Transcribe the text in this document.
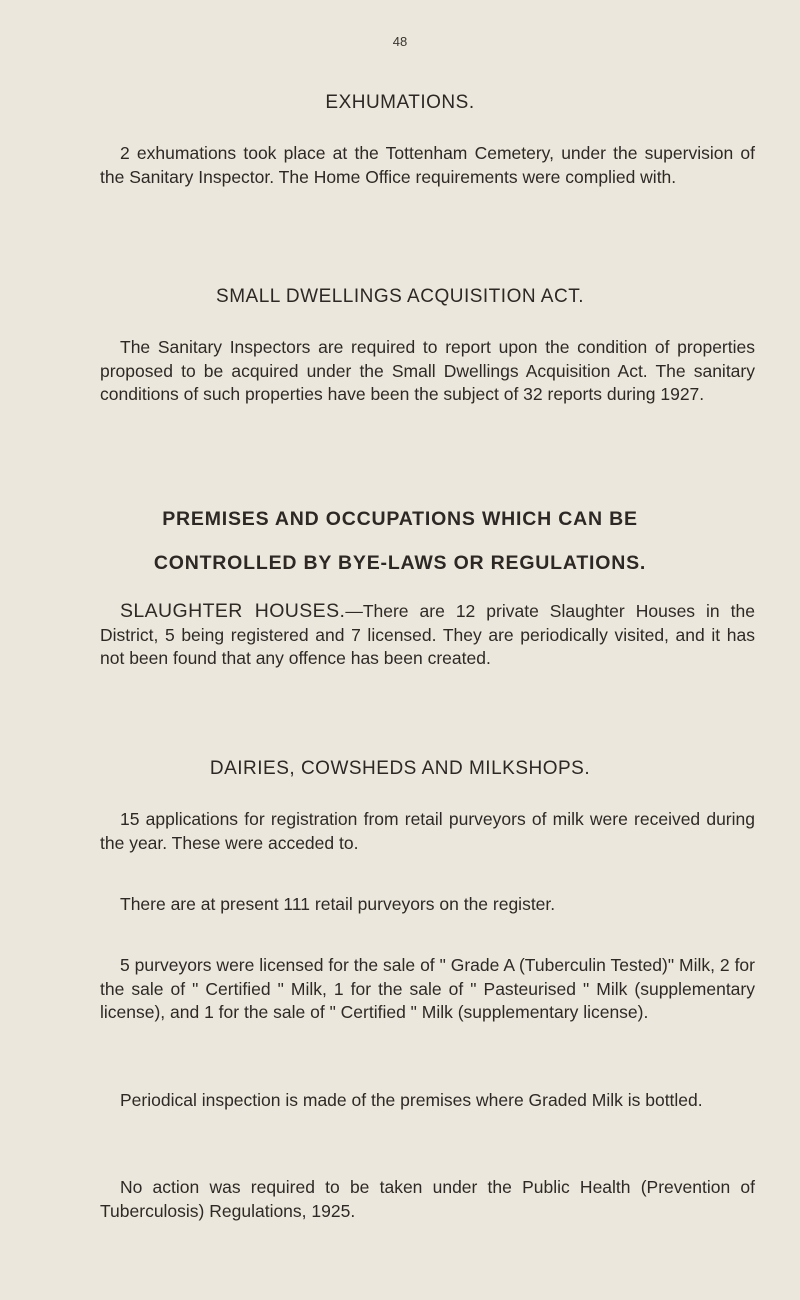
48
EXHUMATIONS.
2 exhumations took place at the Tottenham Cemetery, under the supervision of the Sanitary Inspector. The Home Office requirements were complied with.
SMALL DWELLINGS ACQUISITION ACT.
The Sanitary Inspectors are required to report upon the condition of properties proposed to be acquired under the Small Dwellings Acquisition Act. The sanitary conditions of such properties have been the subject of 32 reports during 1927.
PREMISES AND OCCUPATIONS WHICH CAN BE
CONTROLLED BY BYE-LAWS OR REGULATIONS.
SLAUGHTER HOUSES.—There are 12 private Slaughter Houses in the District, 5 being registered and 7 licensed. They are periodically visited, and it has not been found that any offence has been created.
DAIRIES, COWSHEDS AND MILKSHOPS.
15 applications for registration from retail purveyors of milk were received during the year. These were acceded to.
There are at present 111 retail purveyors on the register.
5 purveyors were licensed for the sale of " Grade A (Tuberculin Tested)" Milk, 2 for the sale of " Certified " Milk, 1 for the sale of " Pasteurised " Milk (supplementary license), and 1 for the sale of " Certified " Milk (supplementary license).
Periodical inspection is made of the premises where Graded Milk is bottled.
No action was required to be taken under the Public Health (Prevention of Tuberculosis) Regulations, 1925.
